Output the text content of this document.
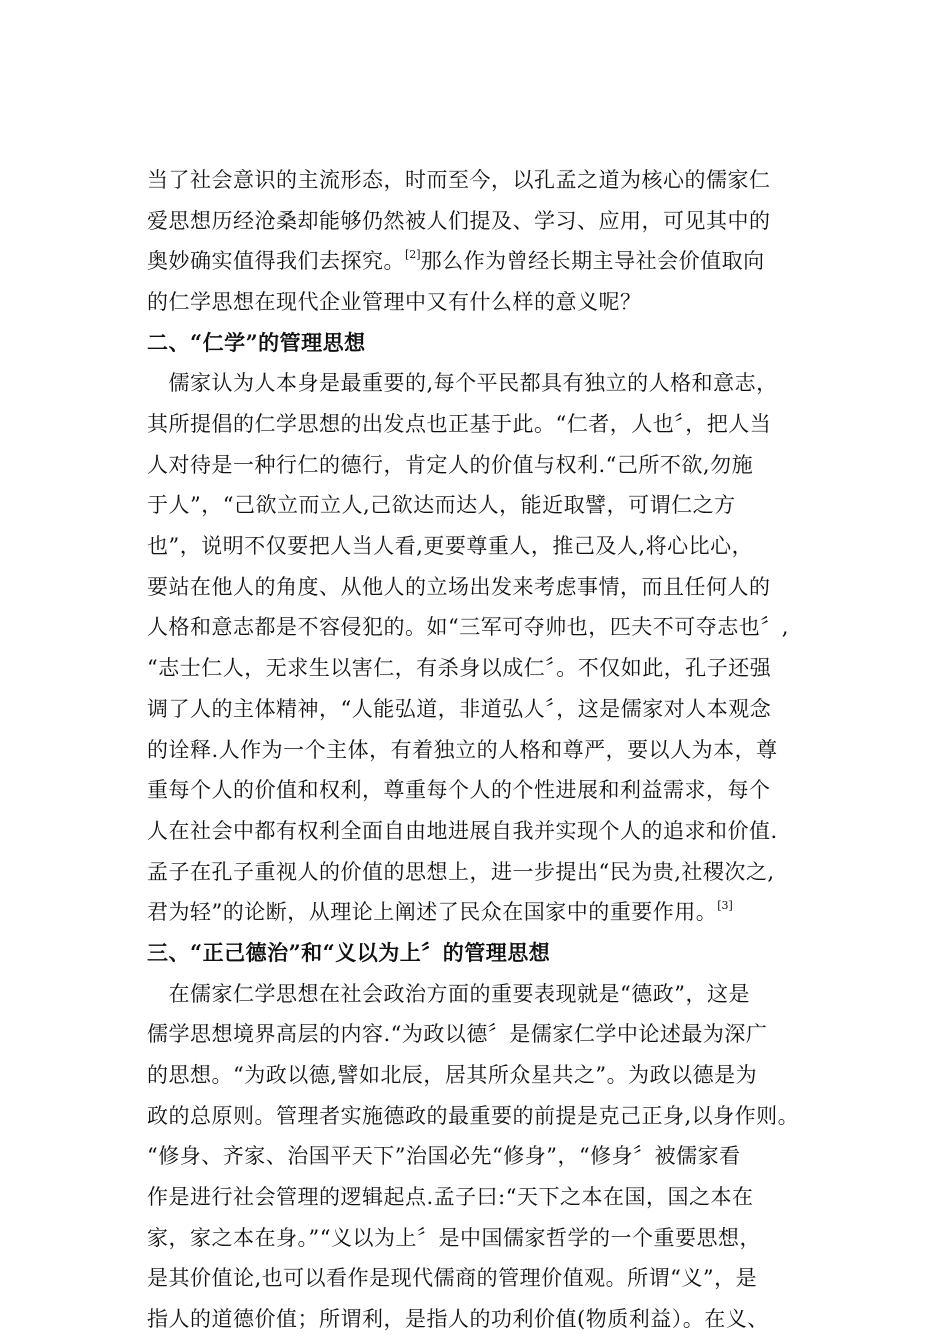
当了社会意识的主流形态，时而至今，以孔孟之道为核心的儒家仁
爱思想历经沧桑却能够仍然被人们提及、学习、应用，可见其中的
奥妙确实值得我们去探究。[2]那么作为曾经长期主导社会价值取向
的仁学思想在现代企业管理中又有什么样的意义呢？
二、“仁学”的管理思想
　儒家认为人本身是最重要的,每个平民都具有独立的人格和意志，
其所提倡的仁学思想的出发点也正基于此。“仁者，人也〞，把人当
人对待是一种行仁的德行，肯定人的价值与权利.“己所不欲,勿施
于人”，“己欲立而立人,己欲达而达人，能近取譬，可谓仁之方
也”，说明不仅要把人当人看,更要尊重人，推己及人,将心比心，
要站在他人的角度、从他人的立场出发来考虑事情，而且任何人的
人格和意志都是不容侵犯的。如“三军可夺帅也，匹夫不可夺志也〞,
“志士仁人，无求生以害仁，有杀身以成仁〞。不仅如此，孔子还强
调了人的主体精神，“人能弘道，非道弘人〞，这是儒家对人本观念
的诠释.人作为一个主体，有着独立的人格和尊严，要以人为本，尊
重每个人的价值和权利，尊重每个人的个性进展和利益需求，每个
人在社会中都有权利全面自由地进展自我并实现个人的追求和价值.
孟子在孔子重视人的价值的思想上，进一步提出“民为贵,社稷次之,
君为轻”的论断，从理论上阐述了民众在国家中的重要作用。[3]
三、“正己德治”和“义以为上〞的管理思想
　在儒家仁学思想在社会政治方面的重要表现就是“德政”，这是
儒学思想境界高层的内容.“为政以德〞是儒家仁学中论述最为深广
的思想。“为政以德,譬如北辰，居其所众星共之”。为政以德是为
政的总原则。管理者实施德政的最重要的前提是克己正身,以身作则。
“修身、齐家、治国平天下”治国必先“修身”，“修身〞被儒家看
作是进行社会管理的逻辑起点.孟子曰:“天下之本在国，国之本在
家，家之本在身。”“义以为上〞是中国儒家哲学的一个重要思想，
是其价值论,也可以看作是现代儒商的管理价值观。所谓“义”，是
指人的道德价值；所谓利，是指人的功利价值(物质利益）。在义、
